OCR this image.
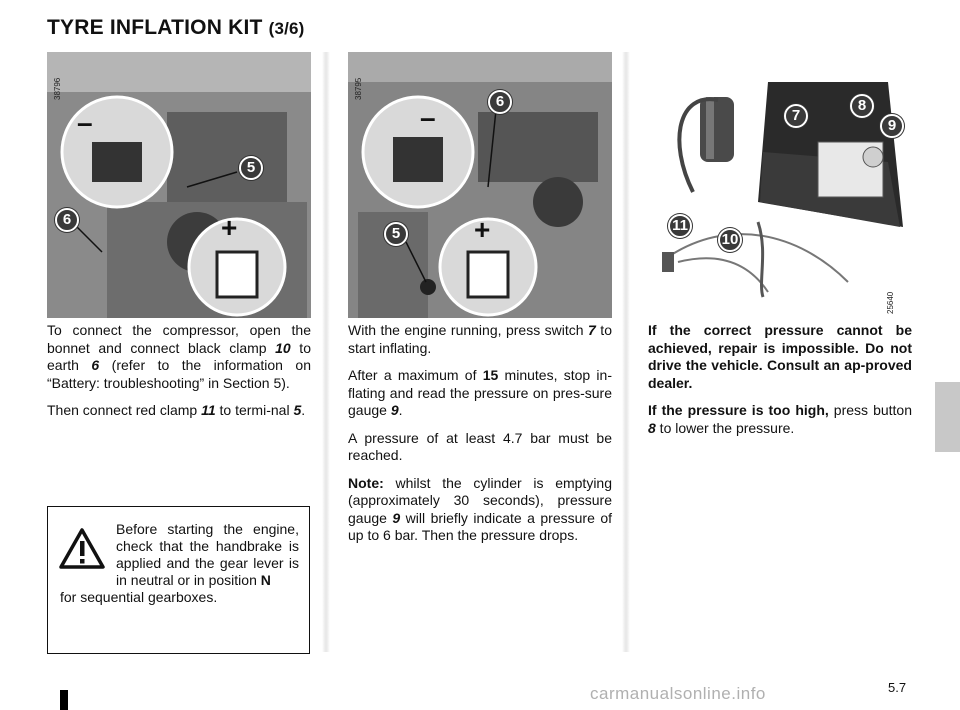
TYRE INFLATION KIT (3/6)
–
+
38796
5
6
–
+
38795
6
5
25640
7
8
9
11
10

To connect the compressor, open the bonnet and connect black clamp 10 to earth 6 (refer to the information on “Battery: troubleshooting” in Section 5).

Then connect red clamp 11 to termi-nal 5.

Before starting the engine, check that the handbrake is applied and the gear lever is in neutral or in position N
for sequential gearboxes.

With the engine running, press switch 7 to start inflating.

After a maximum of 15 minutes, stop in-flating and read the pressure on pres-sure gauge 9.

A pressure of at least 4.7 bar must be reached.

Note: whilst the cylinder is emptying (approximately 30 seconds), pressure gauge 9 will briefly indicate a pressure of up to 6 bar. Then the pressure drops.

If the correct pressure cannot be achieved, repair is impossible. Do not drive the vehicle. Consult an ap-proved dealer.

If the pressure is too high, press button 8 to lower the pressure.

5.7
carmanualsonline.info
